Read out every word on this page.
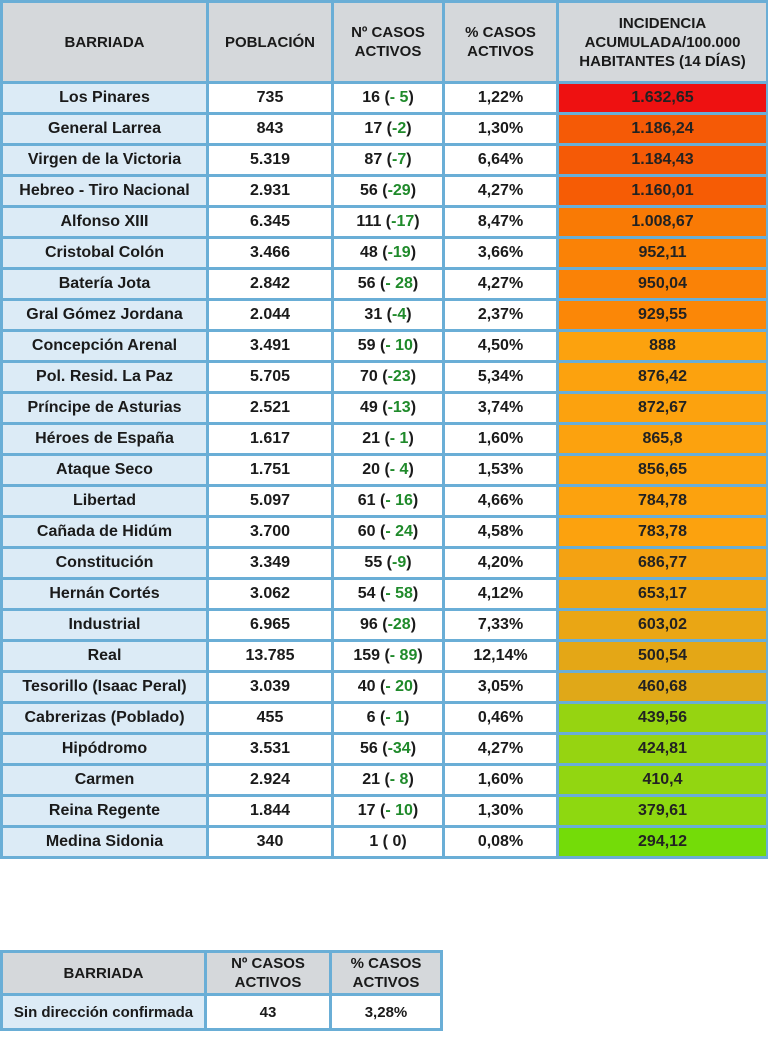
BARRIADA	POBLACIÓN	Nº CASOS ACTIVOS	% CASOS ACTIVOS	INCIDENCIA ACUMULADA/100.000 HABITANTES (14 DÍAS)
Los Pinares	735	16 (- 5)	1,22%	1.632,65
General Larrea	843	17 (-2)	1,30%	1.186,24
Virgen de la Victoria	5.319	87 (-7)	6,64%	1.184,43
Hebreo - Tiro Nacional	2.931	56 (-29)	4,27%	1.160,01
Alfonso XIII	6.345	111 (-17)	8,47%	1.008,67
Cristobal Colón	3.466	48 (-19)	3,66%	952,11
Batería Jota	2.842	56 (- 28)	4,27%	950,04
Gral Gómez Jordana	2.044	31 (-4)	2,37%	929,55
Concepción Arenal	3.491	59 (- 10)	4,50%	888
Pol. Resid. La Paz	5.705	70 (-23)	5,34%	876,42
Príncipe de Asturias	2.521	49 (-13)	3,74%	872,67
Héroes de España	1.617	21 (- 1)	1,60%	865,8
Ataque Seco	1.751	20 (- 4)	1,53%	856,65
Libertad	5.097	61 (- 16)	4,66%	784,78
Cañada de Hidúm	3.700	60 (- 24)	4,58%	783,78
Constitución	3.349	55 (-9)	4,20%	686,77
Hernán Cortés	3.062	54 (- 58)	4,12%	653,17
Industrial	6.965	96 (-28)	7,33%	603,02
Real	13.785	159 (- 89)	12,14%	500,54
Tesorillo (Isaac Peral)	3.039	40 (- 20)	3,05%	460,68
Cabrerizas (Poblado)	455	6 (- 1)	0,46%	439,56
Hipódromo	3.531	56 (-34)	4,27%	424,81
Carmen	2.924	21 (- 8)	1,60%	410,4
Reina Regente	1.844	17 (- 10)	1,30%	379,61
Medina Sidonia	340	1 ( 0)	0,08%	294,12
BARRIADA	Nº CASOS ACTIVOS	% CASOS ACTIVOS
Sin dirección confirmada	43	3,28%
